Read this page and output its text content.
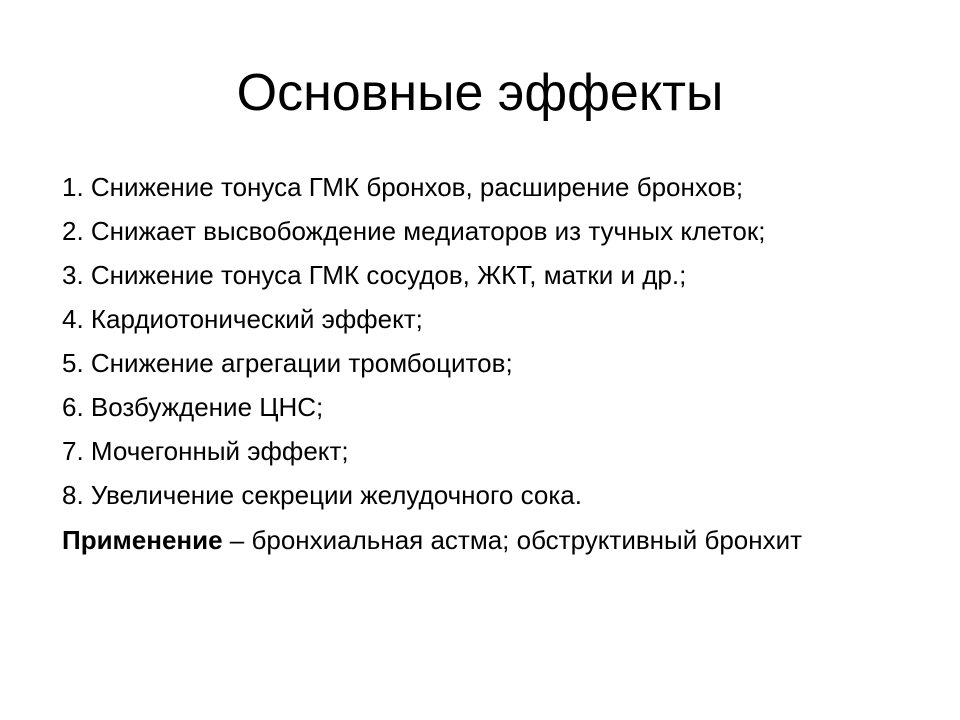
Основные эффекты
1. Снижение тонуса ГМК бронхов, расширение бронхов;
2. Снижает высвобождение медиаторов из тучных клеток;
3. Снижение тонуса ГМК сосудов, ЖКТ, матки и др.;
4. Кардиотонический эффект;
5. Снижение агрегации тромбоцитов;
6. Возбуждение ЦНС;
7. Мочегонный эффект;
8. Увеличение секреции желудочного сока.

Применение – бронхиальная астма; обструктивный бронхит
